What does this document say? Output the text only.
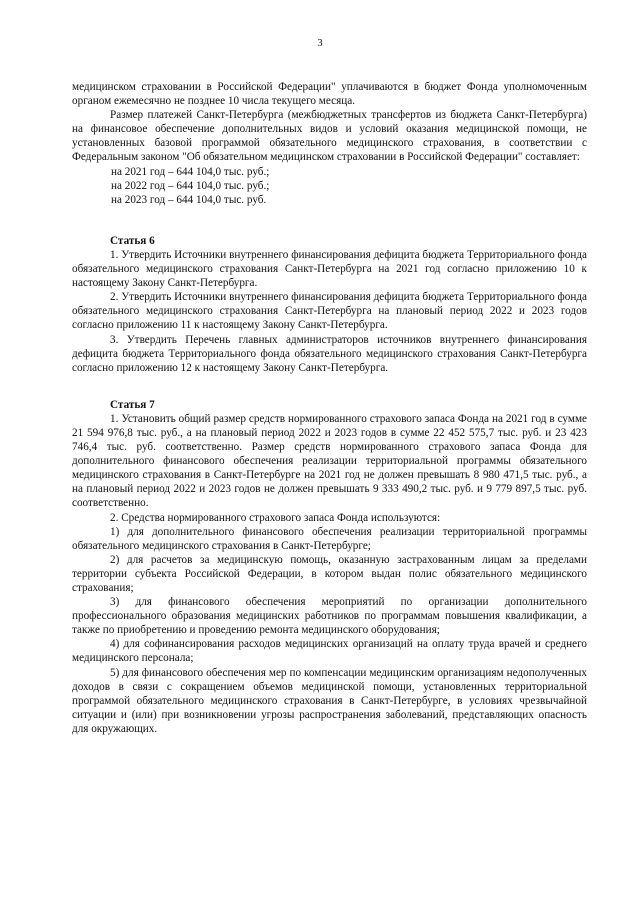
3

медицинском страховании в Российской Федерации" уплачиваются в бюджет Фонда уполномоченным органом ежемесячно не позднее 10 числа текущего месяца.

Размер платежей Санкт-Петербурга (межбюджетных трансфертов из бюджета Санкт-Петербурга) на финансовое обеспечение дополнительных видов и условий оказания медицинской помощи, не установленных базовой программой обязательного медицинского страхования, в соответствии с Федеральным законом "Об обязательном медицинском страховании в Российской Федерации" составляет:

на 2021 год – 644 104,0 тыс. руб.;

на 2022 год – 644 104,0 тыс. руб.;

на 2023 год – 644 104,0 тыс. руб.

Статья 6

1. Утвердить Источники внутреннего финансирования дефицита бюджета Территориального фонда обязательного медицинского страхования Санкт-Петербурга на 2021 год согласно приложению 10 к настоящему Закону Санкт-Петербурга.

2. Утвердить Источники внутреннего финансирования дефицита бюджета Территориального фонда обязательного медицинского страхования Санкт-Петербурга на плановый период 2022 и 2023 годов согласно приложению 11 к настоящему Закону Санкт-Петербурга.

3. Утвердить Перечень главных администраторов источников внутреннего финансирования дефицита бюджета Территориального фонда обязательного медицинского страхования Санкт-Петербурга согласно приложению 12 к настоящему Закону Санкт-Петербурга.

Статья 7

1. Установить общий размер средств нормированного страхового запаса Фонда на 2021 год в сумме 21 594 976,8 тыс. руб., а на плановый период 2022 и 2023 годов в сумме 22 452 575,7 тыс. руб. и 23 423 746,4 тыс. руб. соответственно. Размер средств нормированного страхового запаса Фонда для дополнительного финансового обеспечения реализации территориальной программы обязательного медицинского страхования в Санкт-Петербурге на 2021 год не должен превышать 8 980 471,5 тыс. руб., а на плановый период 2022 и 2023 годов не должен превышать 9 333 490,2 тыс. руб. и 9 779 897,5 тыс. руб. соответственно.

2. Средства нормированного страхового запаса Фонда используются:

1) для дополнительного финансового обеспечения реализации территориальной программы обязательного медицинского страхования в Санкт-Петербурге;

2) для расчетов за медицинскую помощь, оказанную застрахованным лицам за пределами территории субъекта Российской Федерации, в котором выдан полис обязательного медицинского страхования;

3) для финансового обеспечения мероприятий по организации дополнительного профессионального образования медицинских работников по программам повышения квалификации, а также по приобретению и проведению ремонта медицинского оборудования;

4) для софинансирования расходов медицинских организаций на оплату труда врачей и среднего медицинского персонала;

5) для финансового обеспечения мер по компенсации медицинским организациям недополученных доходов в связи с сокращением объемов медицинской помощи, установленных территориальной программой обязательного медицинского страхования в Санкт-Петербурге, в условиях чрезвычайной ситуации и (или) при возникновении угрозы распространения заболеваний, представляющих опасность для окружающих.
